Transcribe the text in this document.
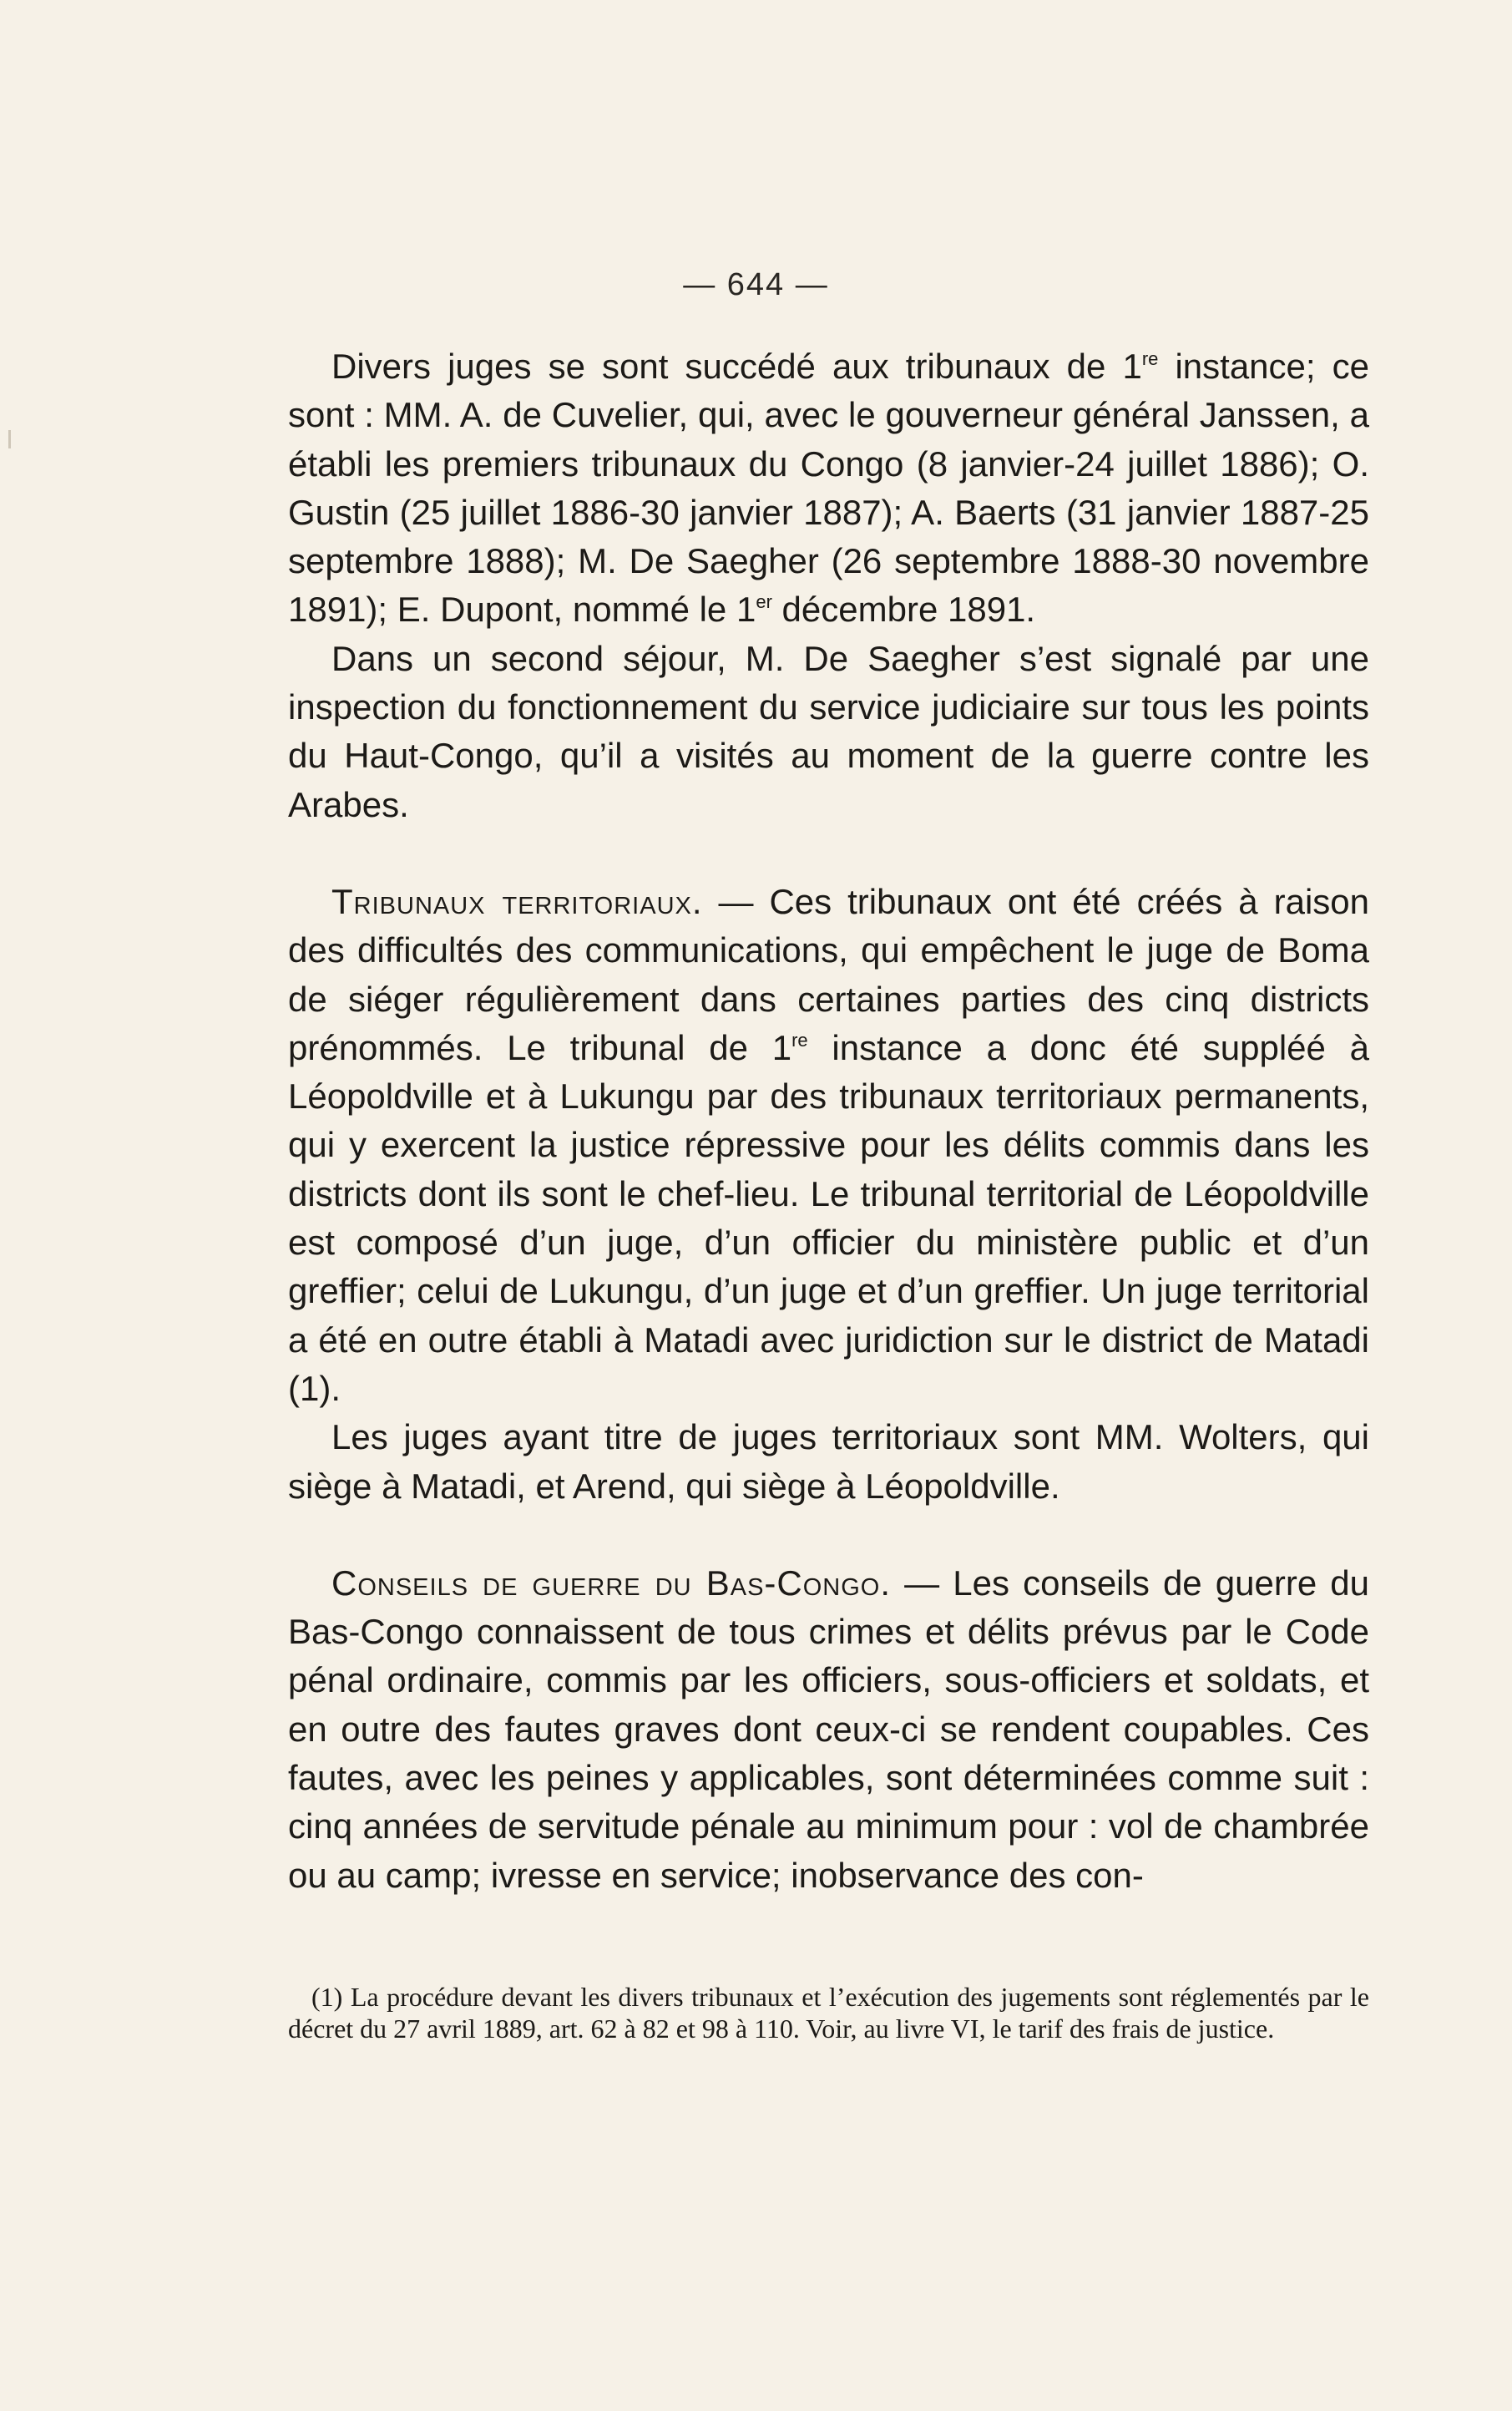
— 644 —

Divers juges se sont succédé aux tribunaux de 1re instance; ce sont : MM. A. de Cuvelier, qui, avec le gouverneur général Janssen, a établi les premiers tribunaux du Congo (8 janvier-24 juillet 1886); O. Gustin (25 juillet 1886-30 janvier 1887); A. Baerts (31 janvier 1887-25 septembre 1888); M. De Saegher (26 septembre 1888-30 novembre 1891); E. Dupont, nommé le 1er décembre 1891.

Dans un second séjour, M. De Saegher s’est signalé par une inspection du fonctionnement du service judiciaire sur tous les points du Haut-Congo, qu’il a visités au moment de la guerre contre les Arabes.

Tribunaux territoriaux. — Ces tribunaux ont été créés à raison des difficultés des communications, qui empêchent le juge de Boma de siéger régulièrement dans certaines parties des cinq districts prénommés. Le tribunal de 1re instance a donc été suppléé à Léopoldville et à Lukungu par des tribunaux territoriaux permanents, qui y exercent la justice répressive pour les délits commis dans les districts dont ils sont le chef-lieu. Le tribunal territorial de Léopoldville est composé d’un juge, d’un officier du ministère public et d’un greffier; celui de Lukungu, d’un juge et d’un greffier. Un juge territorial a été en outre établi à Matadi avec juridiction sur le district de Matadi (1).

Les juges ayant titre de juges territoriaux sont MM. Wolters, qui siège à Matadi, et Arend, qui siège à Léopoldville.

Conseils de guerre du Bas-Congo. — Les conseils de guerre du Bas-Congo connaissent de tous crimes et délits prévus par le Code pénal ordinaire, commis par les officiers, sous-officiers et soldats, et en outre des fautes graves dont ceux-ci se rendent coupables. Ces fautes, avec les peines y applicables, sont déterminées comme suit : cinq années de servitude pénale au minimum pour : vol de chambrée ou au camp; ivresse en service; inobservance des con-

(1) La procédure devant les divers tribunaux et l’exécution des jugements sont réglementés par le décret du 27 avril 1889, art. 62 à 82 et 98 à 110. Voir, au livre VI, le tarif des frais de justice.
